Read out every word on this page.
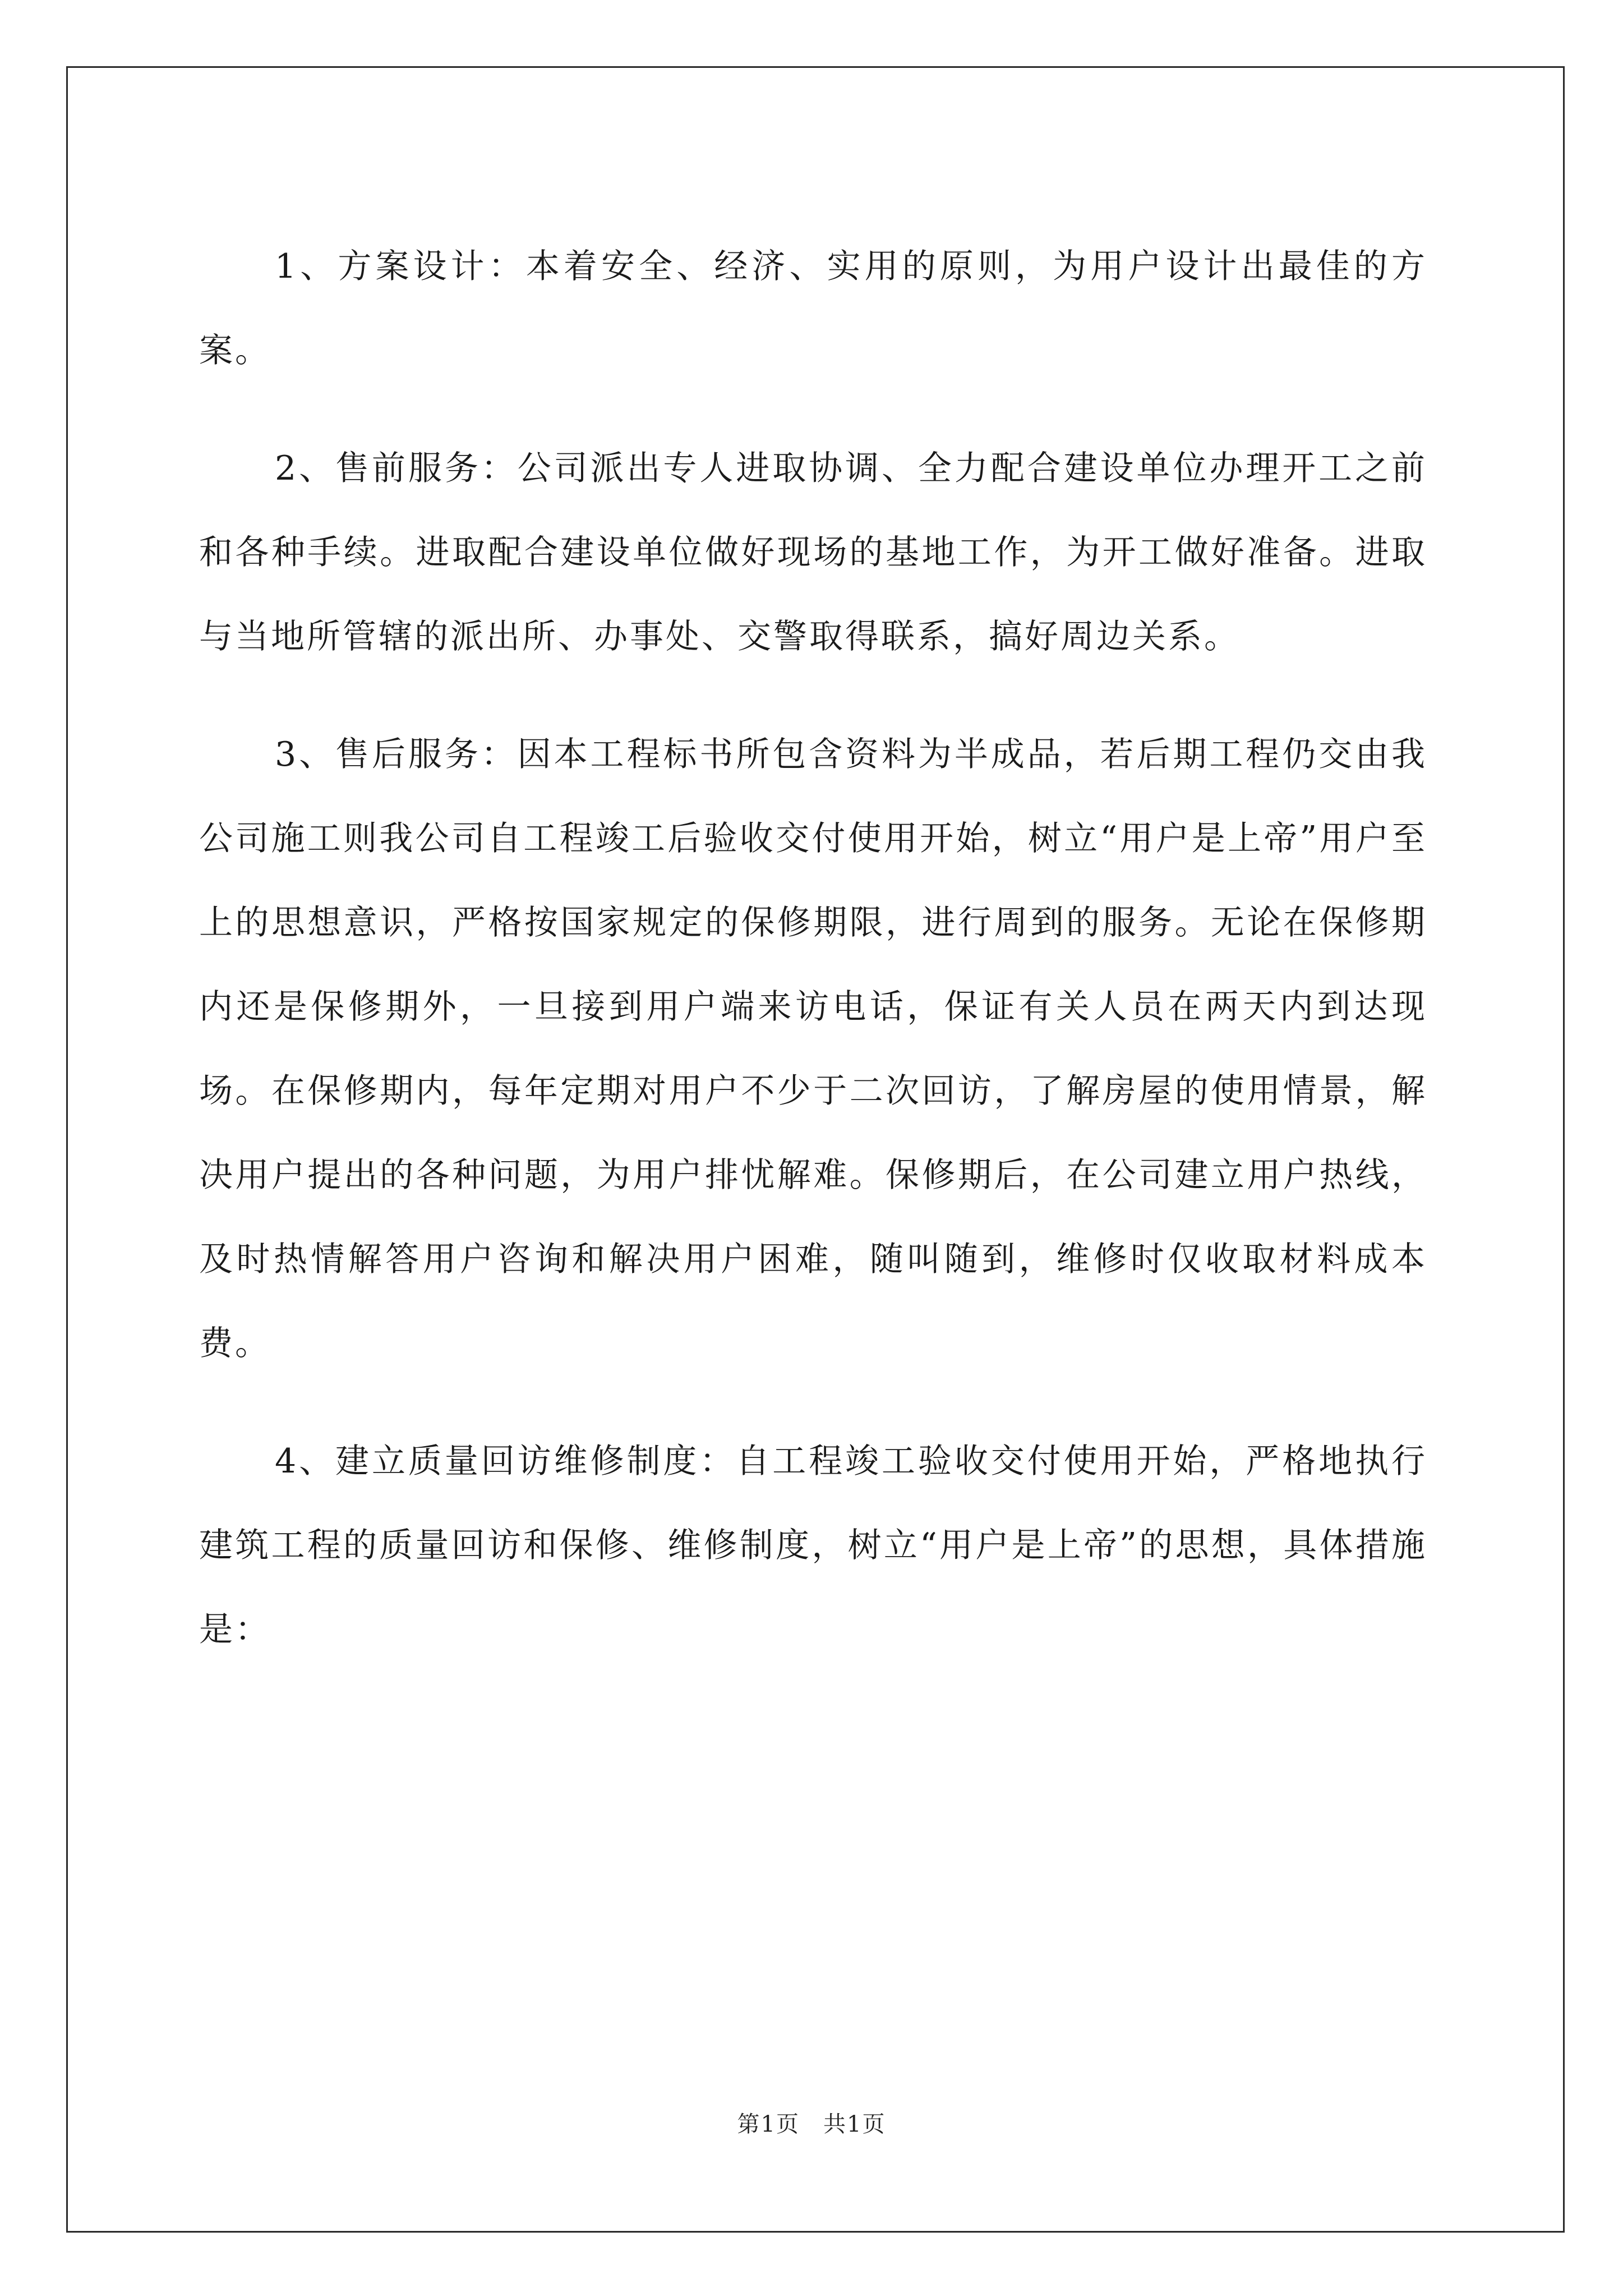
1、方案设计：本着安全、经济、实用的原则，为用户设计出最佳的方案。

2、售前服务：公司派出专人进取协调、全力配合建设单位办理开工之前和各种手续。进取配合建设单位做好现场的基地工作，为开工做好准备。进取与当地所管辖的派出所、办事处、交警取得联系，搞好周边关系。

3、售后服务：因本工程标书所包含资料为半成品，若后期工程仍交由我公司施工则我公司自工程竣工后验收交付使用开始，树立“用户是上帝”用户至上的思想意识，严格按国家规定的保修期限，进行周到的服务。无论在保修期内还是保修期外，一旦接到用户端来访电话，保证有关人员在两天内到达现场。在保修期内，每年定期对用户不少于二次回访，了解房屋的使用情景，解决用户提出的各种问题，为用户排忧解难。保修期后，在公司建立用户热线，及时热情解答用户咨询和解决用户困难，随叫随到，维修时仅收取材料成本费。

4、建立质量回访维修制度：自工程竣工验收交付使用开始，严格地执行建筑工程的质量回访和保修、维修制度，树立“用户是上帝”的思想，具体措施是：

第1页　共1页
